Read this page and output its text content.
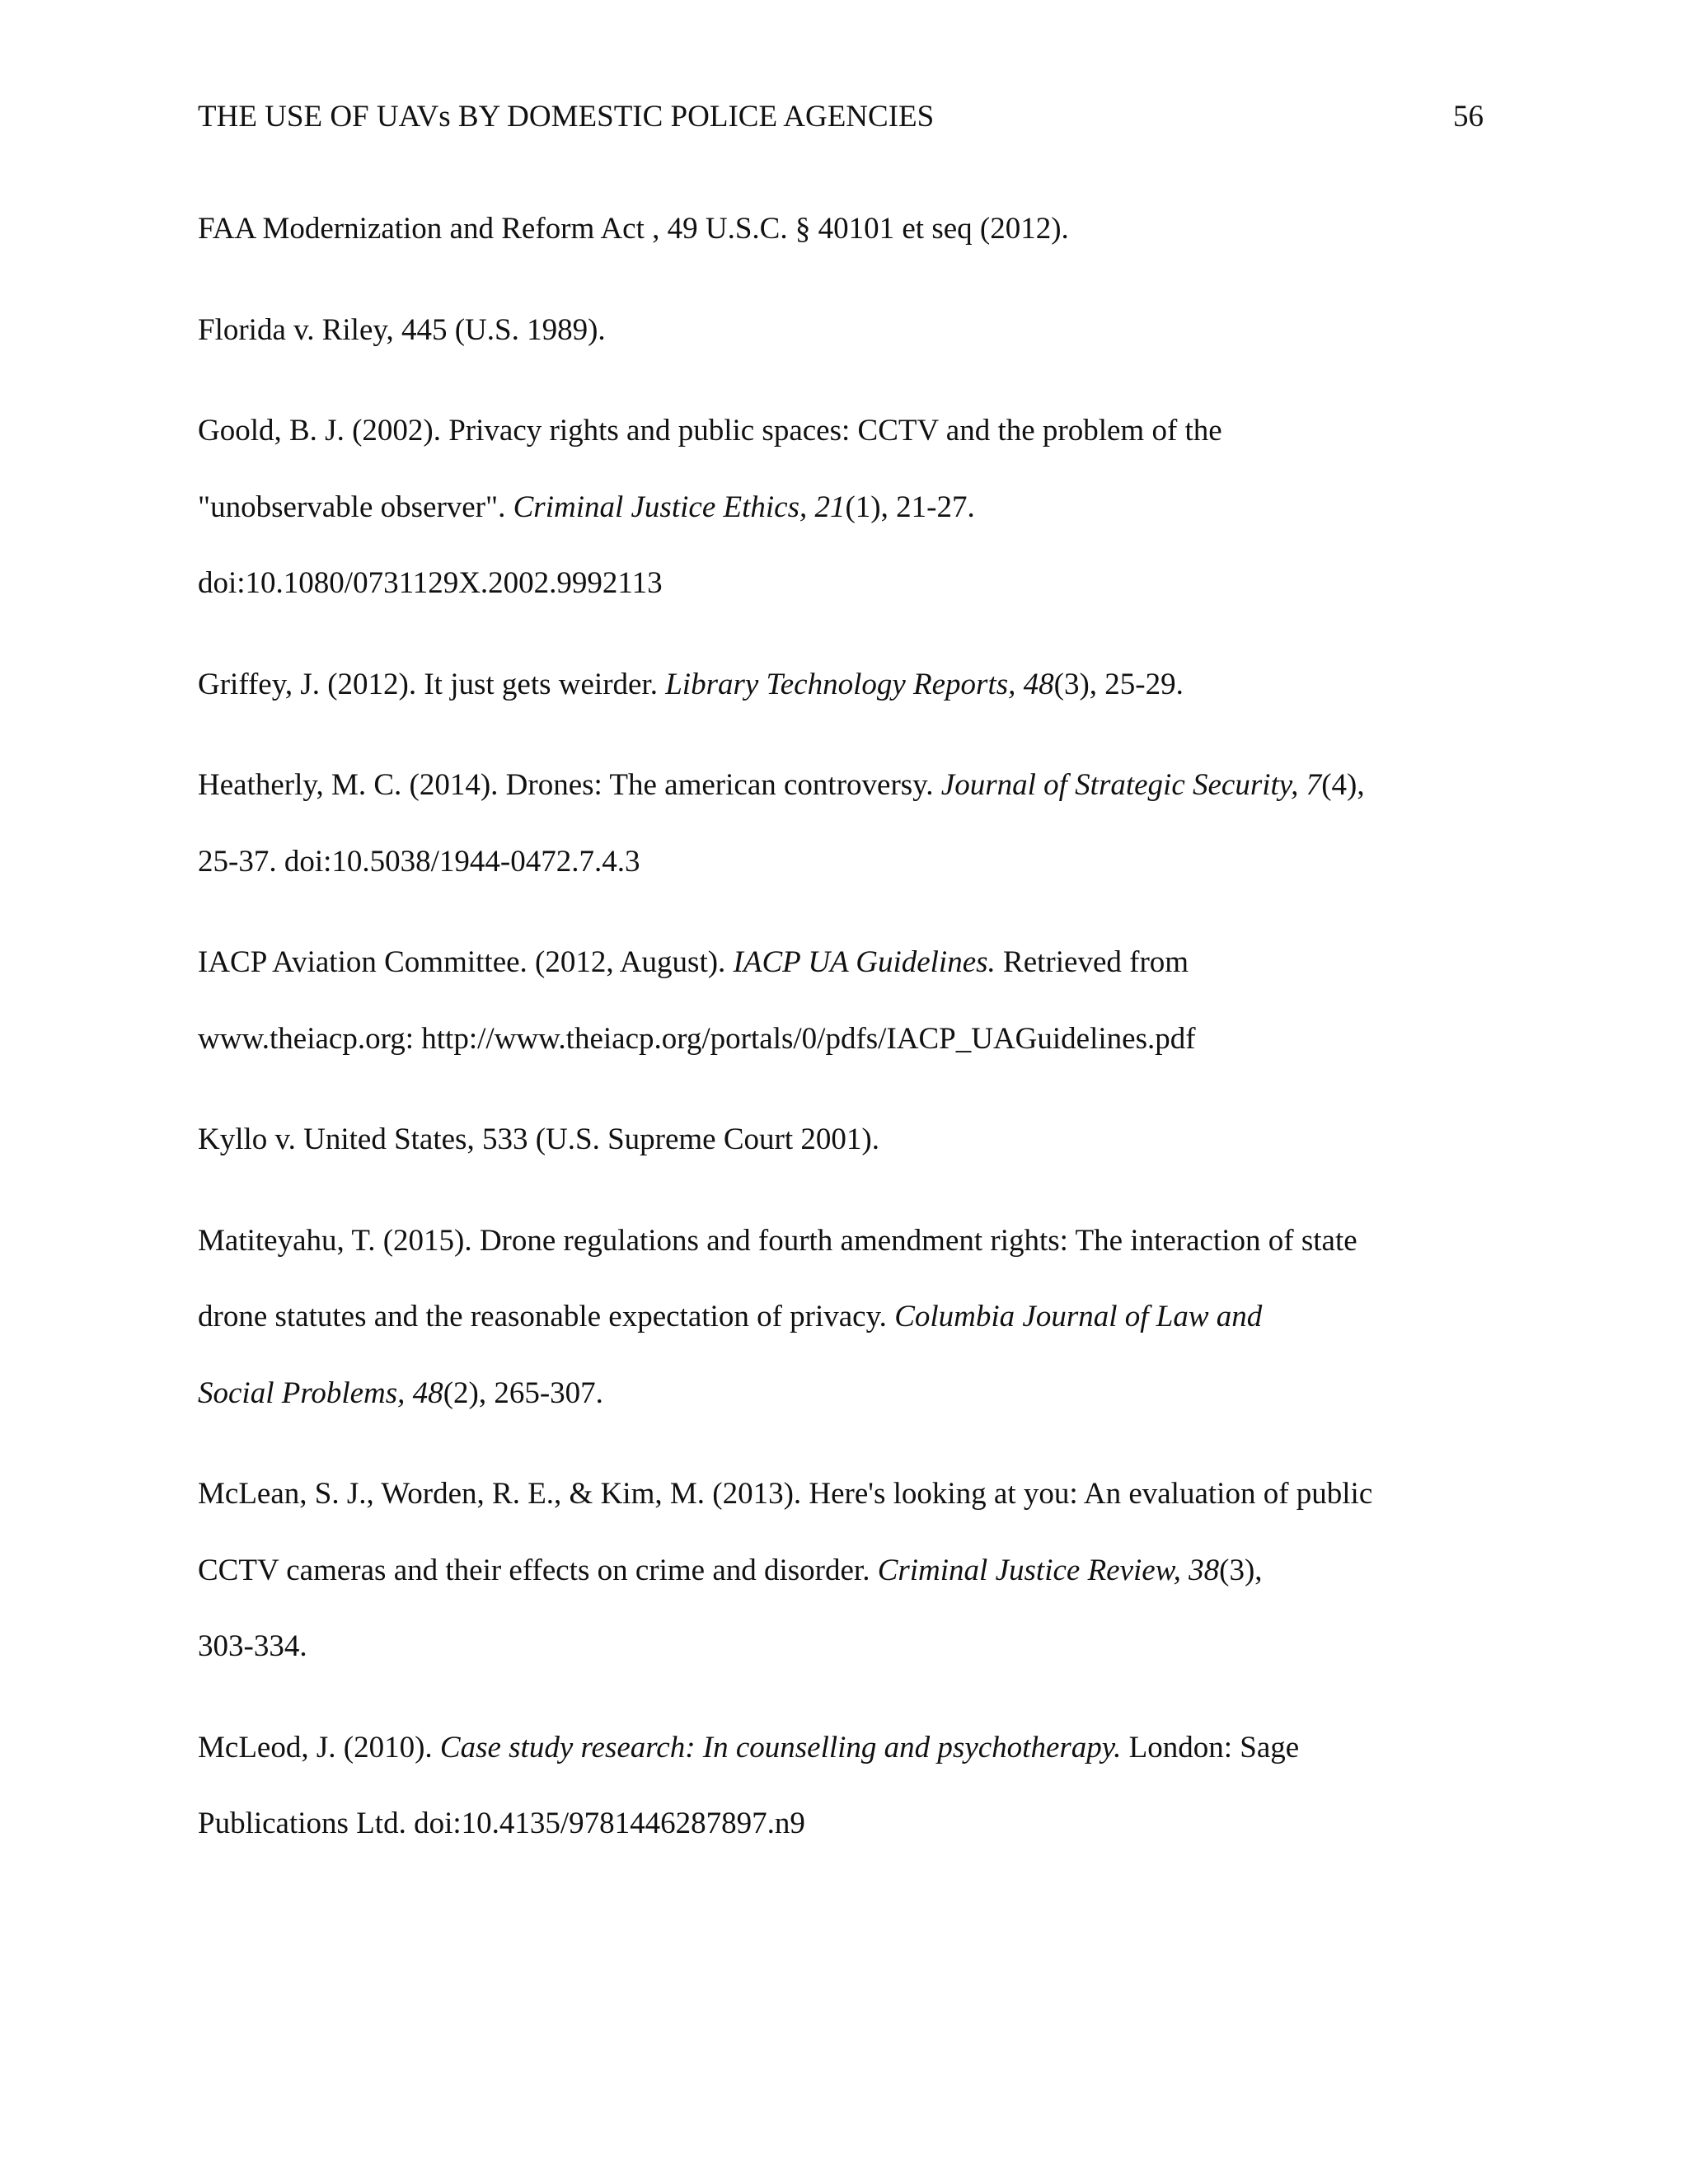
THE USE OF UAVs BY DOMESTIC POLICE AGENCIES	56
FAA Modernization and Reform Act , 49 U.S.C. § 40101 et seq (2012).
Florida v. Riley, 445 (U.S. 1989).
Goold, B. J. (2002). Privacy rights and public spaces: CCTV and the problem of the
"unobservable observer". Criminal Justice Ethics, 21(1), 21-27.
doi:10.1080/0731129X.2002.9992113
Griffey, J. (2012). It just gets weirder. Library Technology Reports, 48(3), 25-29.
Heatherly, M. C. (2014). Drones: The american controversy. Journal of Strategic Security, 7(4),
25-37. doi:10.5038/1944-0472.7.4.3
IACP Aviation Committee. (2012, August). IACP UA Guidelines. Retrieved from
www.theiacp.org: http://www.theiacp.org/portals/0/pdfs/IACP_UAGuidelines.pdf
Kyllo v. United States, 533 (U.S. Supreme Court 2001).
Matiteyahu, T. (2015). Drone regulations and fourth amendment rights: The interaction of state
drone statutes and the reasonable expectation of privacy. Columbia Journal of Law and
Social Problems, 48(2), 265-307.
McLean, S. J., Worden, R. E., & Kim, M. (2013). Here's looking at you: An evaluation of public
CCTV cameras and their effects on crime and disorder. Criminal Justice Review, 38(3),
303-334.
McLeod, J. (2010). Case study research: In counselling and psychotherapy. London: Sage
Publications Ltd. doi:10.4135/9781446287897.n9
